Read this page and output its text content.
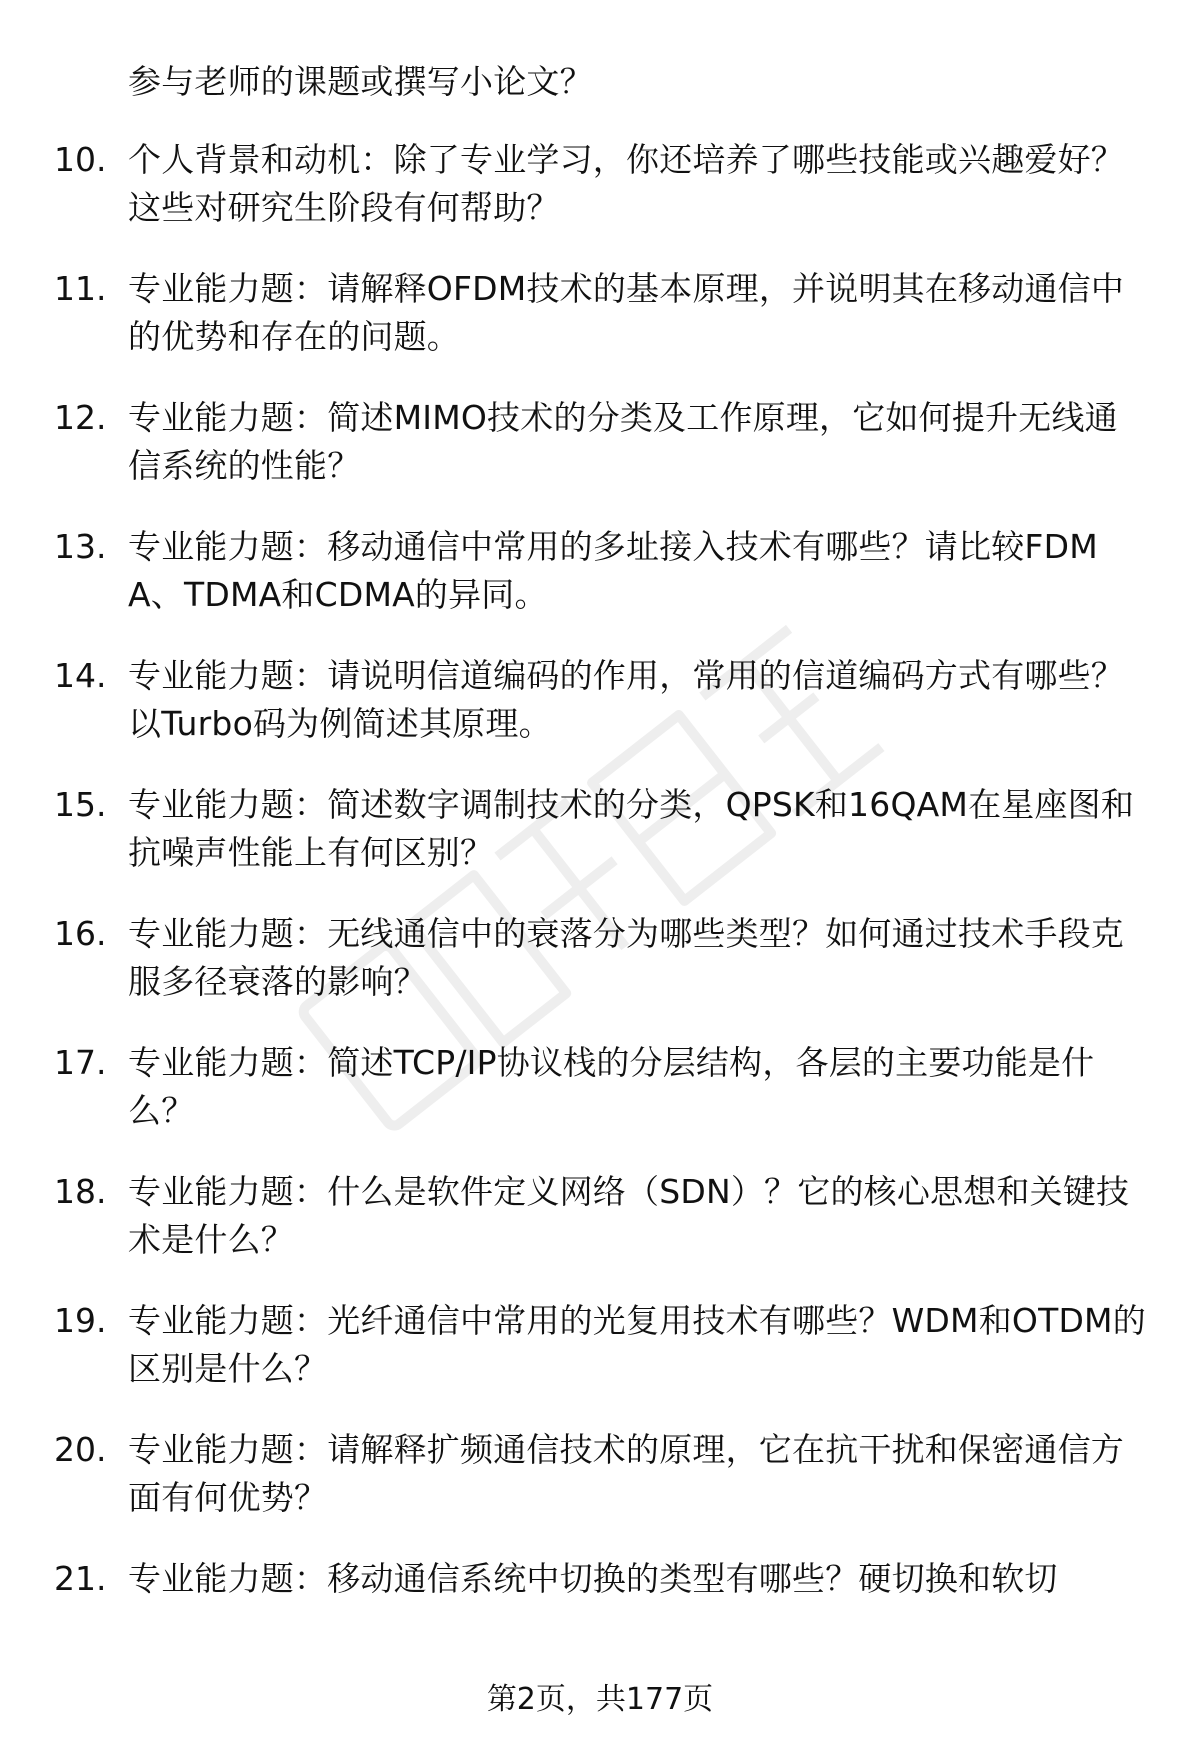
参与老师的课题或撰写小论文？
10. 个人背景和动机：除了专业学习，你还培养了哪些技能或兴趣爱好？这些对研究生阶段有何帮助？
11. 专业能力题：请解释OFDM技术的基本原理，并说明其在移动通信中的优势和存在的问题。
12. 专业能力题：简述MIMO技术的分类及工作原理，它如何提升无线通信系统的性能？
13. 专业能力题：移动通信中常用的多址接入技术有哪些？请比较FDMA、TDMA和CDMA的异同。
14. 专业能力题：请说明信道编码的作用，常用的信道编码方式有哪些？以Turbo码为例简述其原理。
15. 专业能力题：简述数字调制技术的分类，QPSK和16QAM在星座图和抗噪声性能上有何区别？
16. 专业能力题：无线通信中的衰落分为哪些类型？如何通过技术手段克服多径衰落的影响？
17. 专业能力题：简述TCP/IP协议栈的分层结构，各层的主要功能是什么？
18. 专业能力题：什么是软件定义网络（SDN）？它的核心思想和关键技术是什么？
19. 专业能力题：光纤通信中常用的光复用技术有哪些？WDM和OTDM的区别是什么？
20. 专业能力题：请解释扩频通信技术的原理，它在抗干扰和保密通信方面有何优势？
21. 专业能力题：移动通信系统中切换的类型有哪些？硬切换和软切
第2页，共177页
